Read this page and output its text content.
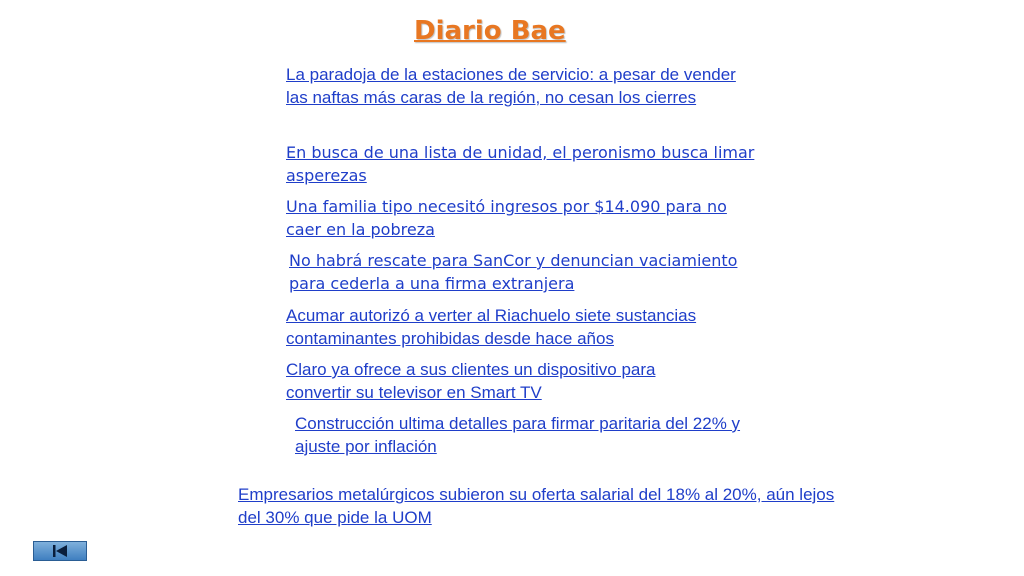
Diario Bae
La paradoja de la estaciones de servicio: a pesar de vender las naftas más caras de la región, no cesan los cierres
En busca de una lista de unidad, el peronismo busca limar asperezas
Una familia tipo necesitó ingresos por $14.090 para no caer en la pobreza
No habrá rescate para SanCor y denuncian vaciamiento para cederla a una firma extranjera
Acumar autorizó a verter al Riachuelo siete sustancias contaminantes prohibidas desde hace años
Claro ya ofrece a sus clientes un dispositivo para convertir su televisor en Smart TV
Construcción ultima detalles para firmar paritaria del 22% y ajuste por inflación
Empresarios metalúrgicos subieron su oferta salarial del 18% al 20%, aún lejos del 30% que pide la UOM
